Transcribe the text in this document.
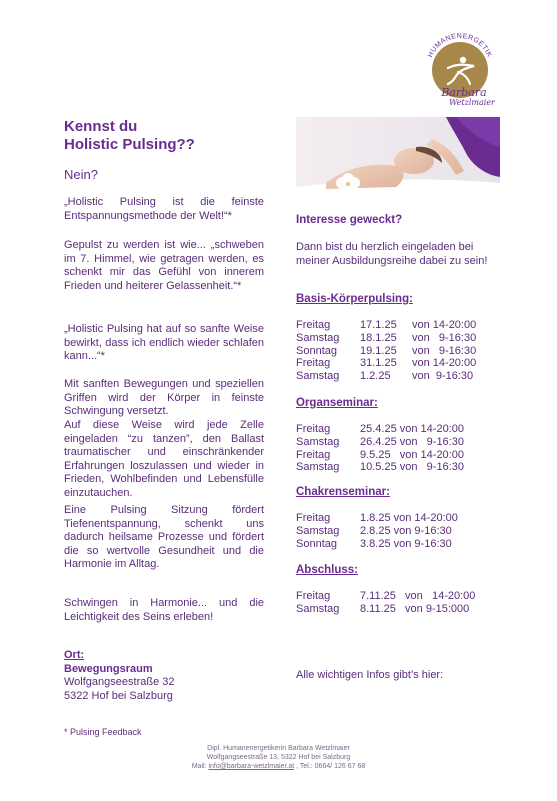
HUMANENERGETIK
Barbara
Wetzlmaier
Kennst du
Holistic Pulsing??
Nein?
„Holistic Pulsing ist die feinste Entspannungsmethode der Welt!“*
Gepulst zu werden ist wie... „schweben im 7. Himmel, wie getragen werden, es schenkt mir das Gefühl von innerem Frieden und heiterer Gelassenheit.“*
„Holistic Pulsing hat auf so sanfte Weise bewirkt, dass ich endlich wieder schlafen kann...“*
Mit sanften Bewegungen und speziellen Griffen wird der Körper in feinste Schwingung versetzt.
Auf diese Weise wird jede Zelle eingeladen “zu tanzen”, den Ballast traumatischer und einschränkender Erfahrungen loszulassen und wieder in Frieden, Wohlbefinden und Lebensfülle einzutauchen.
Eine Pulsing Sitzung fördert Tiefenentspannung, schenkt uns dadurch heilsame Prozesse und fördert die so wertvolle Gesundheit und die Harmonie im Alltag.
Schwingen in Harmonie... und die Leichtigkeit des Seins erleben!
Ort:
Bewegungsraum
Wolfgangseestraße 32
5322 Hof bei Salzburg
* Pulsing Feedback
Interesse geweckt?
Dann bist du herzlich eingeladen bei meiner Ausbildungsreihe dabei zu sein!
Basis-Körperpulsing:
Freitag	17.1.25	von 14-20:00
Samstag	18.1.25	von   9-16:30
Sonntag	19.1.25	von   9-16:30
Freitag	31.1.25	von 14-20:00
Samstag	1.2.25	von  9-16:30
Organseminar:
Freitag	25.4.25 von 14-20:00
Samstag	26.4.25 von   9-16:30
Freitag	9.5.25   von 14-20:00
Samstag	10.5.25 von   9-16:30
Chakrenseminar:
Freitag	1.8.25 von 14-20:00
Samstag	2.8.25 von 9-16:30
Sonntag	3.8.25 von 9-16:30
Abschluss:
Freitag	7.11.25   von   14-20:00
Samstag	8.11.25   von 9-15:000
Alle wichtigen Infos gibt’s hier:
Dipl. Humanenergetikerin Barbara Wetzlmaier
Wolfgangseestraße 13, 5322 Hof bei Salzburg
Mail: info@barbara-wetzlmaier.at , Tel.: 0664/ 126 67 68
